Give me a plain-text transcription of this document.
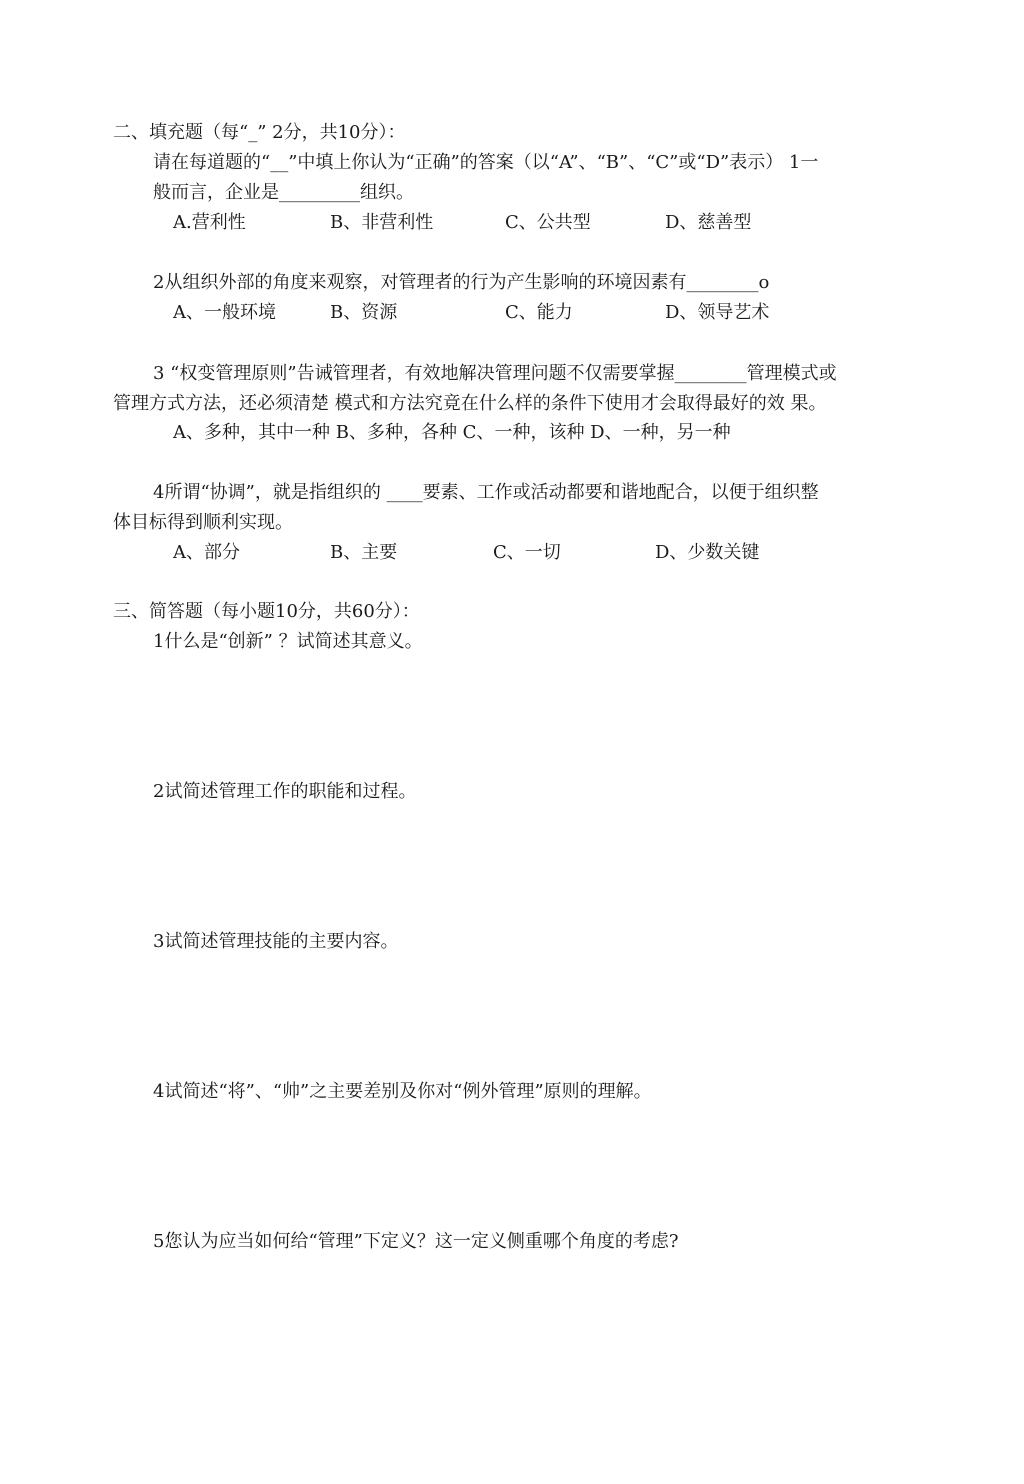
二、填充题（每“_” 2分，共10分）：
请在每道题的“__”中填上你认为“正确”的答案（以“A”、“B”、“C”或“D”表示） 1一
般而言，企业是_________组织。
A.营利性	B、非营利性	C、公共型	D、慈善型
2从组织外部的角度来观察，对管理者的行为产生影响的环境因素有________o
A、一般环境	B、资源	C、能力	D、领导艺术
3 “权变管理原则”告诫管理者，有效地解决管理问题不仅需要掌握________管理模式或
管理方式方法，还必须清楚 模式和方法究竟在什么样的条件下使用才会取得最好的效 果。
A、多种，其中一种 B、多种，各种 C、一种，该种 D、一种，另一种
4所谓“协调”，就是指组织的 ____要素、工作或活动都要和谐地配合，以便于组织整
体目标得到顺利实现。
A、部分	B、主要	C、一切	D、少数关键
三、简答题（每小题10分，共60分）：
1什么是“创新” ？试简述其意义。
2试简述管理工作的职能和过程。
3试简述管理技能的主要内容。
4试简述“将”、“帅”之主要差别及你对“例外管理”原则的理解。
5您认为应当如何给“管理”下定义？这一定义侧重哪个角度的考虑?
